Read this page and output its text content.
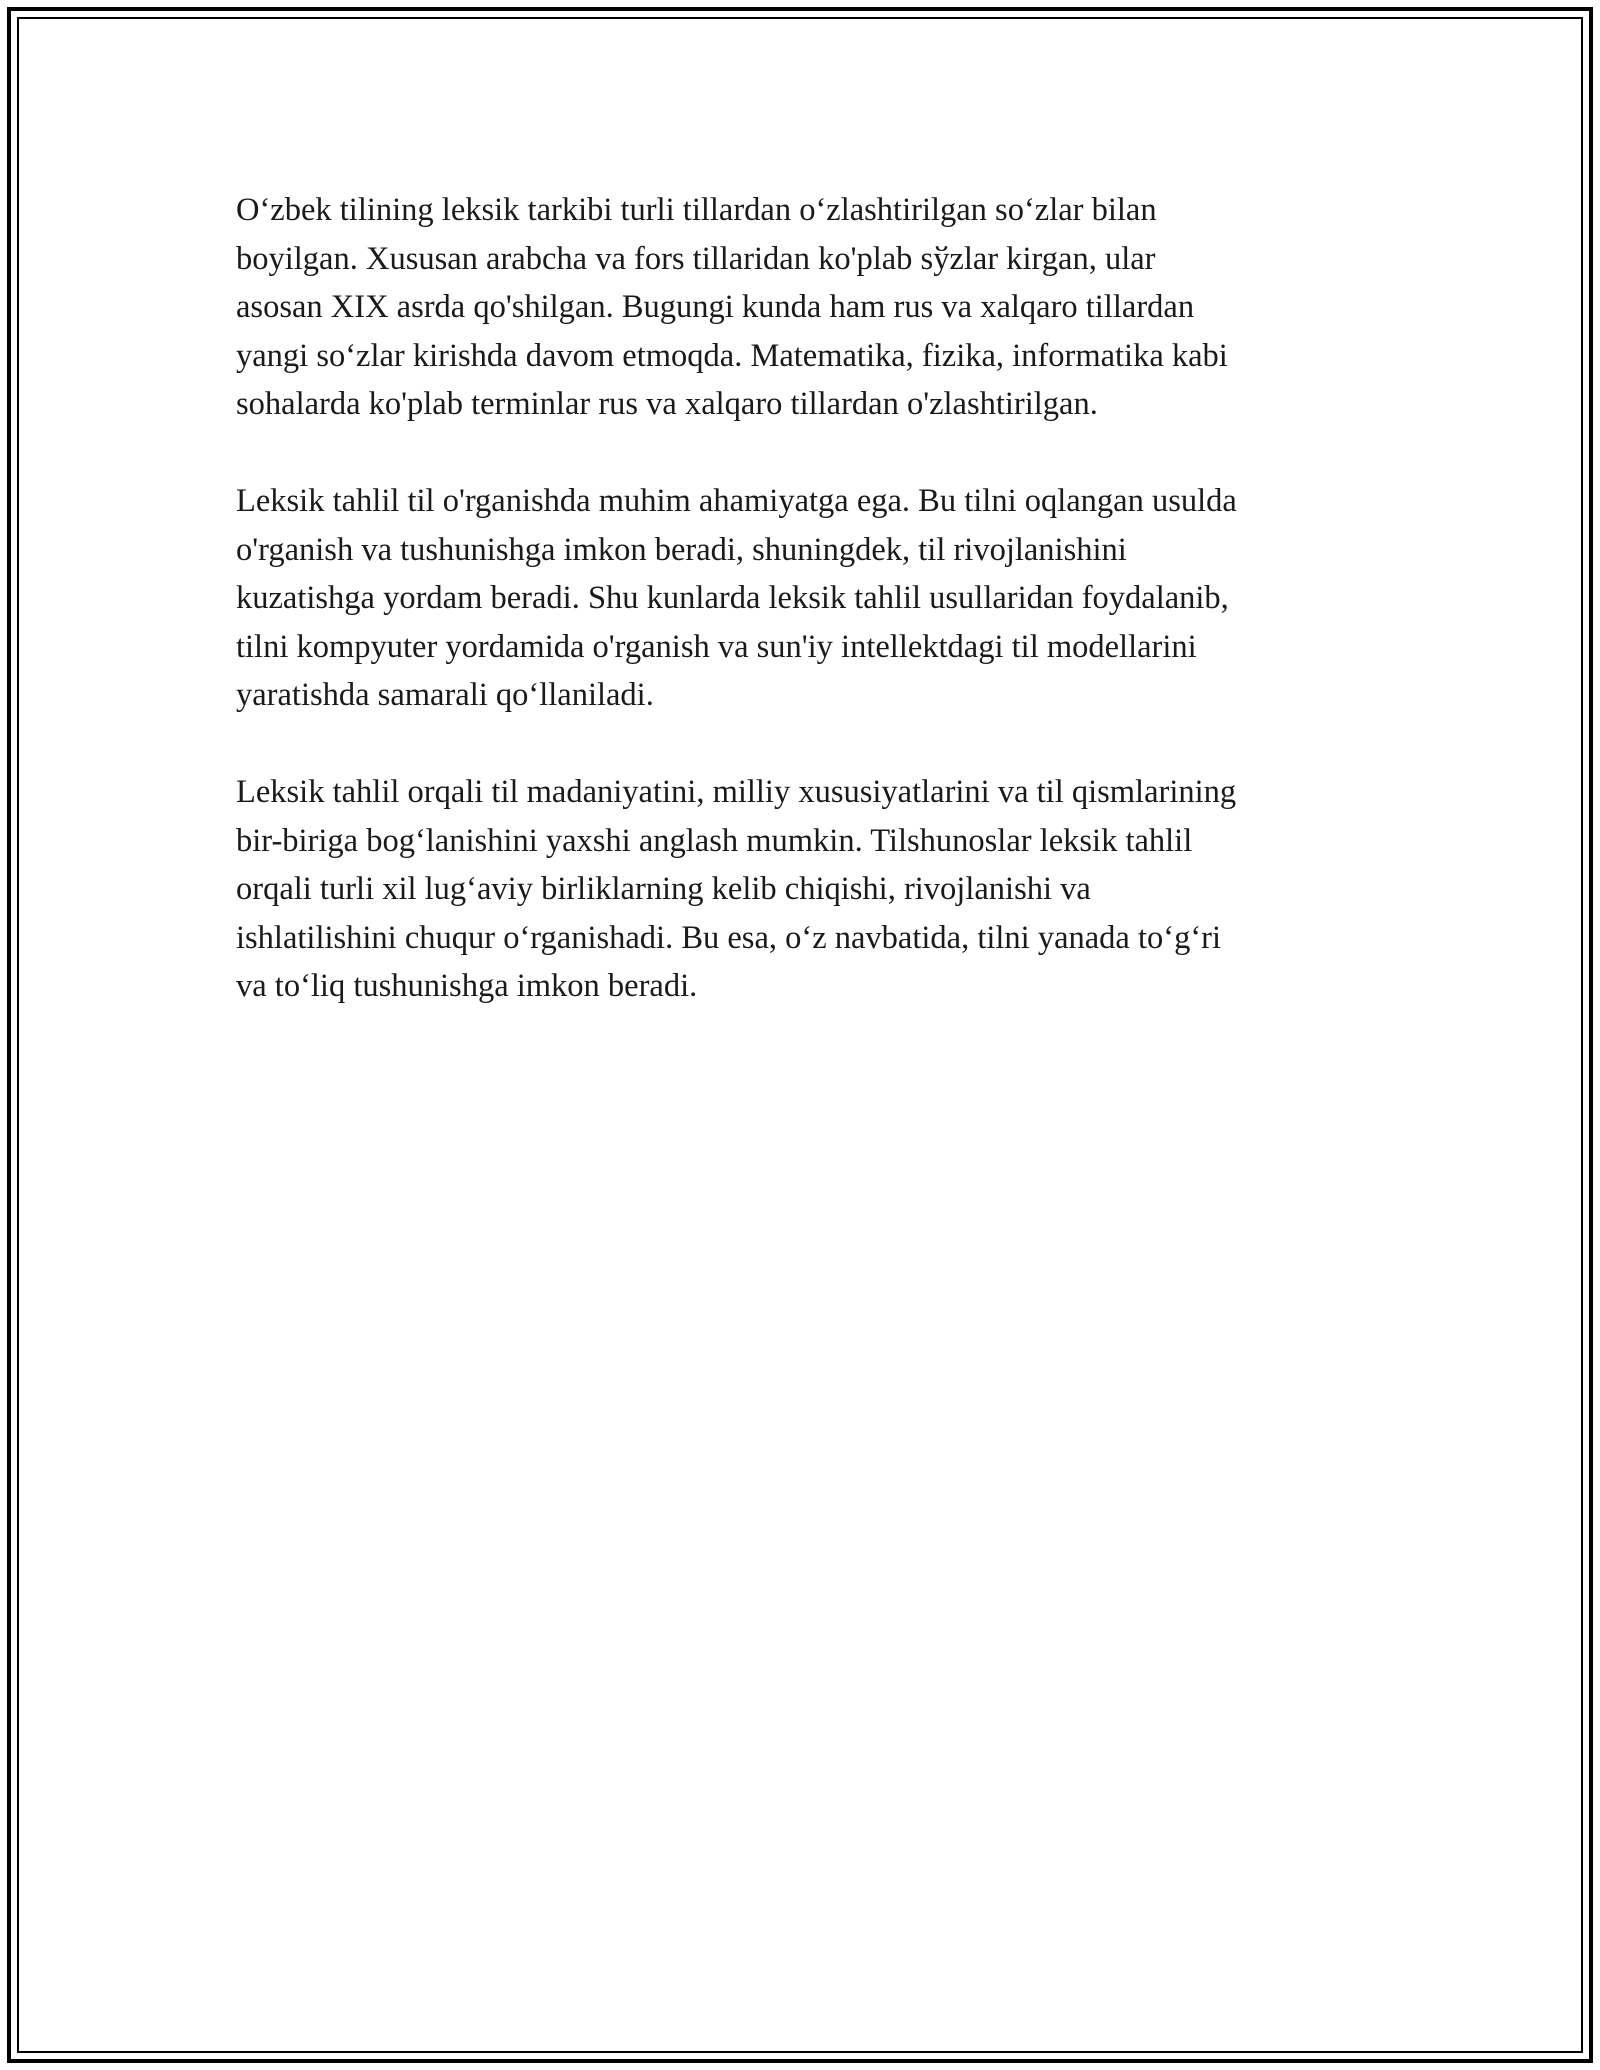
O‘zbek tilining leksik tarkibi turli tillardan o‘zlashtirilgan so‘zlar bilan
boyilgan. Xususan arabcha va fors tillaridan ko'plab sўzlar kirgan, ular
asosan XIX asrda qo'shilgan. Bugungi kunda ham rus va xalqaro tillardan
yangi so‘zlar kirishda davom etmoqda. Matematika, fizika, informatika kabi
sohalarda ko'plab terminlar rus va xalqaro tillardan o'zlashtirilgan.

Leksik tahlil til o'rganishda muhim ahamiyatga ega. Bu tilni oqlangan usulda
o'rganish va tushunishga imkon beradi, shuningdek, til rivojlanishini
kuzatishga yordam beradi. Shu kunlarda leksik tahlil usullaridan foydalanib,
tilni kompyuter yordamida o'rganish va sun'iy intellektdagi til modellarini
yaratishda samarali qo‘llaniladi.

Leksik tahlil orqali til madaniyatini, milliy xususiyatlarini va til qismlarining
bir-biriga bog‘lanishini yaxshi anglash mumkin. Tilshunoslar leksik tahlil
orqali turli xil lug‘aviy birliklarning kelib chiqishi, rivojlanishi va
ishlatilishini chuqur o‘rganishadi. Bu esa, o‘z navbatida, tilni yanada to‘g‘ri
va to‘liq tushunishga imkon beradi.
